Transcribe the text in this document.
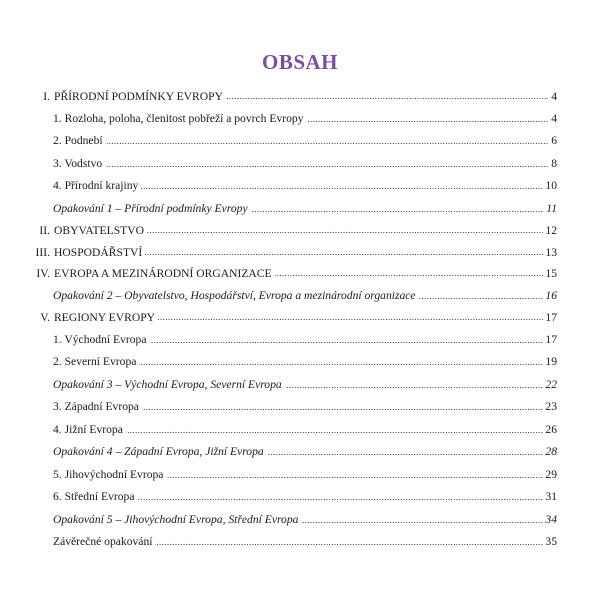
OBSAH
I. ..... PŘÍRODNÍ PODMÍNKY EVROPY	4
.....
1. Rozloha, poloha, členitost pobřeží a povrch Evropy	4
.....
2. Podnebí	6
.....
3. Vodstvo	8
.....
4. Přírodní krajiny	10
.....
Opakování 1 – Přírodní podmínky Evropy	11
II. ..... OBYVATELSTVO	12
III. ..... HOSPODÁŘSTVÍ	13
IV. ..... EVROPA A MEZINÁRODNÍ ORGANIZACE	15
.....
Opakování 2 – Obyvatelstvo, Hospodářství, Evropa a mezinárodní organizace	16
V. ..... REGIONY EVROPY	17
.....
1. Východní Evropa	17
.....
2. Severní Evropa	19
.....
Opakování 3 – Východní Evropa, Severní Evropa	22
.....
3. Západní Evropa	23
.....
4. Jižní Evropa	26
.....
Opakování 4 – Západní Evropa, Jižní Evropa	28
.....
5. Jihovýchodní Evropa	29
.....
6. Střední Evropa	31
.....
Opakování 5 – Jihovýchodní Evropa, Střední Evropa	34
.....
Závěrečné opakování	35
